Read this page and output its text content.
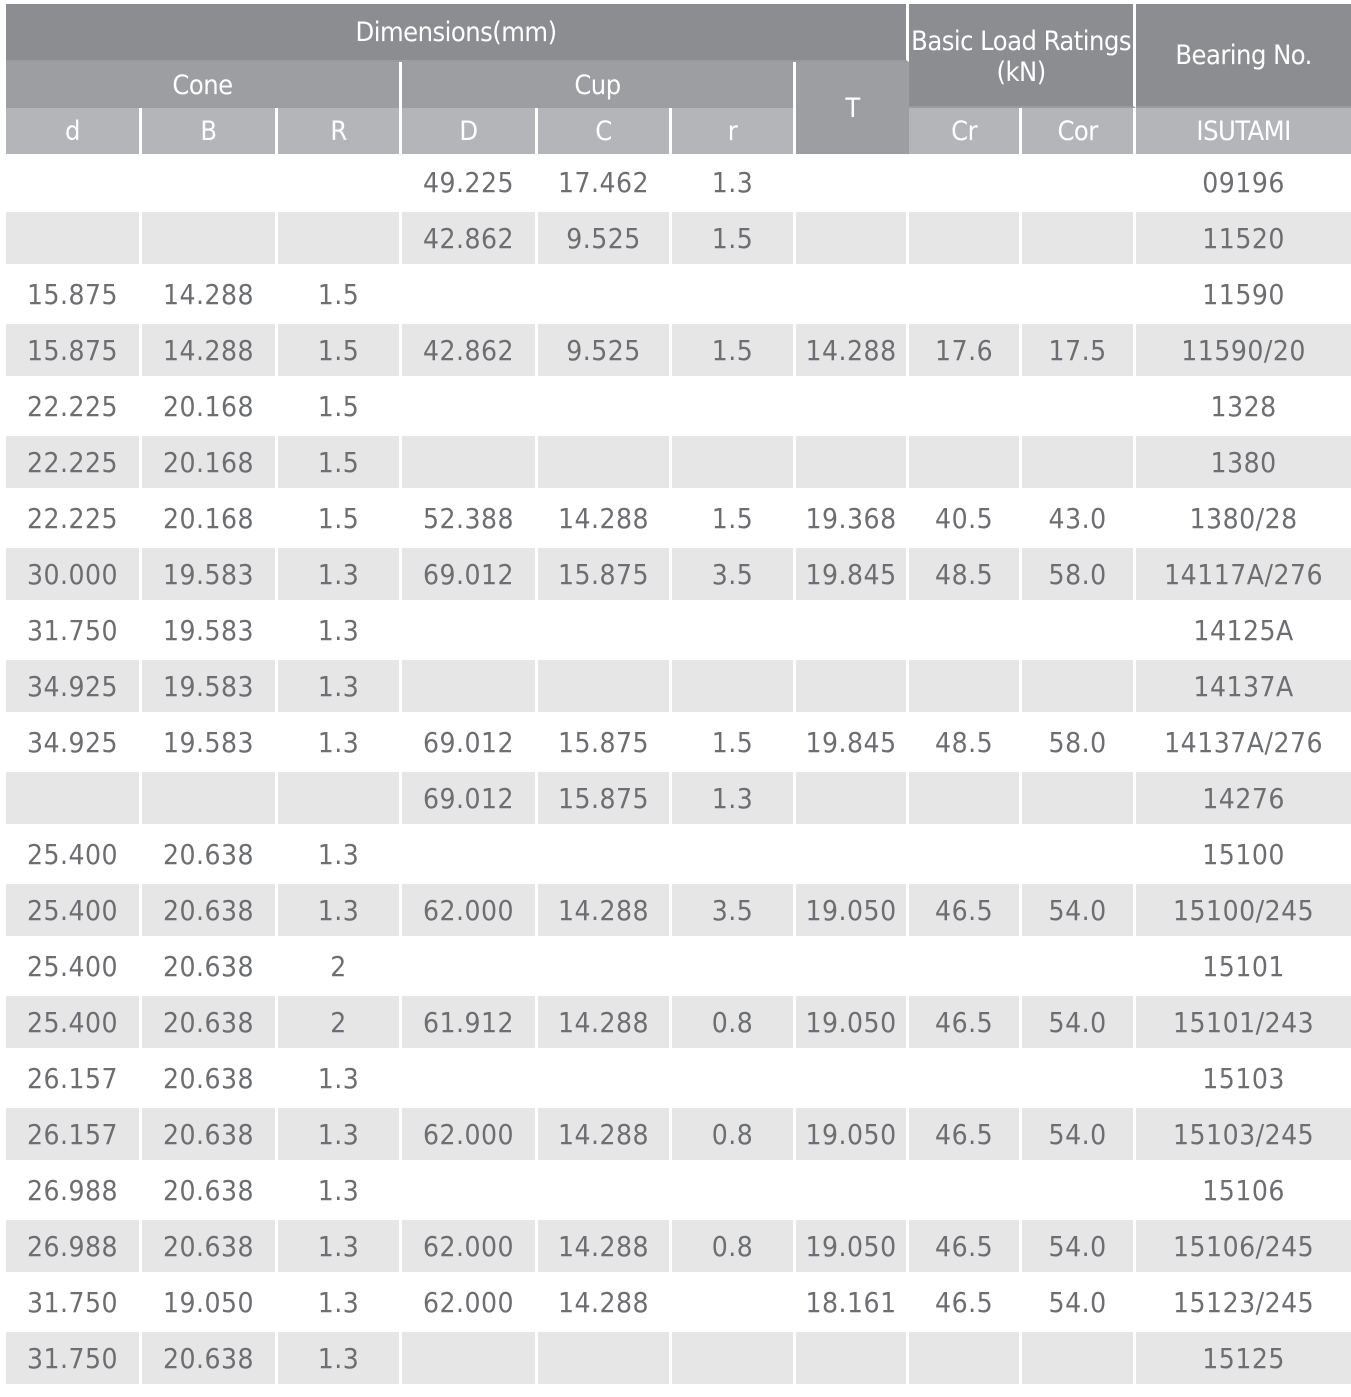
Dimensions(mm)							Basic Load Ratings
(kN)		Bearing No.
Cone			Cup			T			
d	B	R	D	C	r		Cr	Cor	ISUTAMI
			49.225	17.462	1.3				09196
			42.862	9.525	1.5				11520
15.875	14.288	1.5							11590
15.875	14.288	1.5	42.862	9.525	1.5	14.288	17.6	17.5	11590/20
22.225	20.168	1.5							1328
22.225	20.168	1.5							1380
22.225	20.168	1.5	52.388	14.288	1.5	19.368	40.5	43.0	1380/28
30.000	19.583	1.3	69.012	15.875	3.5	19.845	48.5	58.0	14117A/276
31.750	19.583	1.3							14125A
34.925	19.583	1.3							14137A
34.925	19.583	1.3	69.012	15.875	1.5	19.845	48.5	58.0	14137A/276
			69.012	15.875	1.3				14276
25.400	20.638	1.3							15100
25.400	20.638	1.3	62.000	14.288	3.5	19.050	46.5	54.0	15100/245
25.400	20.638	2							15101
25.400	20.638	2	61.912	14.288	0.8	19.050	46.5	54.0	15101/243
26.157	20.638	1.3							15103
26.157	20.638	1.3	62.000	14.288	0.8	19.050	46.5	54.0	15103/245
26.988	20.638	1.3							15106
26.988	20.638	1.3	62.000	14.288	0.8	19.050	46.5	54.0	15106/245
31.750	19.050	1.3	62.000	14.288		18.161	46.5	54.0	15123/245
31.750	20.638	1.3							15125
